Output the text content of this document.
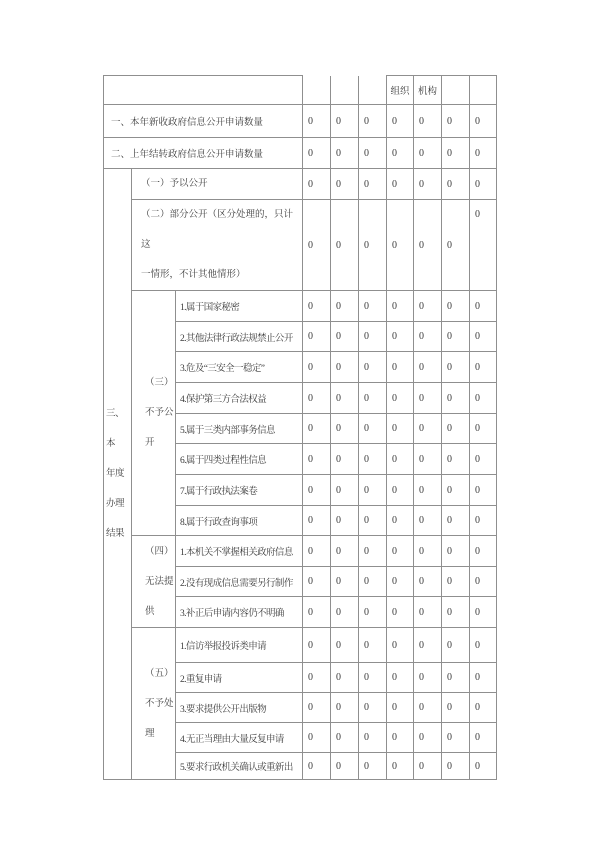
						组织	机构		
一、本年新收政府信息公开申请数量			0	0	0	0	0	0	0
二、上年结转政府信息公开申请数量			0	0	0	0	0	0	0

三、本
年度
办理
结果	（一）予以公开		0	0	0	0	0	0	0

	（二）部分公开（区分处理的，只计这
一情形，不计其他情形）		0	0	0	0	0	0	0

	（三）
不予公
开	1.属于国家秘密	0	0	0	0	0	0	0
		2.其他法律行政法规禁止公开	0	0	0	0	0	0	0
		3.危及“三安全一稳定”	0	0	0	0	0	0	0
		4.保护第三方合法权益	0	0	0	0	0	0	0
		5.属于三类内部事务信息	0	0	0	0	0	0	0
		6.属于四类过程性信息	0	0	0	0	0	0	0
		7.属于行政执法案卷	0	0	0	0	0	0	0
		8.属于行政查询事项	0	0	0	0	0	0	0

	（四）
无法提
供	1.本机关不掌握相关政府信息	0	0	0	0	0	0	0
		2.没有现成信息需要另行制作	0	0	0	0	0	0	0
		3.补正后申请内容仍不明确	0	0	0	0	0	0	0

	（五）
不予处
理	1.信访举报投诉类申请	0	0	0	0	0	0	0
		2.重复申请	0	0	0	0	0	0	0
		3.要求提供公开出版物	0	0	0	0	0	0	0
		4.无正当理由大量反复申请	0	0	0	0	0	0	0
		5.要求行政机关确认或重新出	0	0	0	0	0	0	0
